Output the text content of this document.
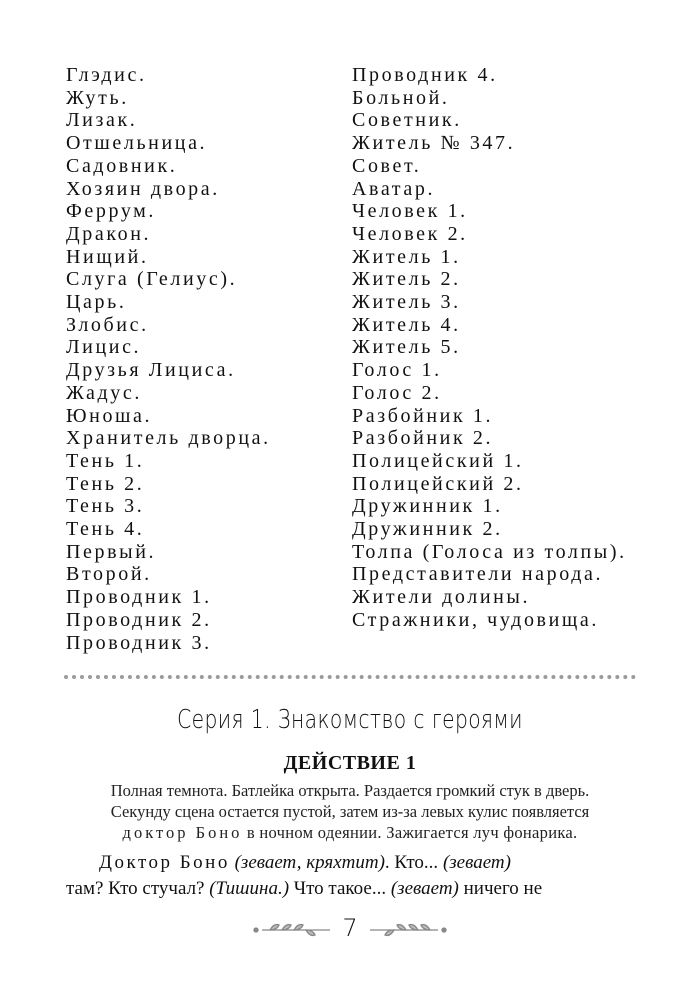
Глэдис.
Жуть.
Лизак.
Отшельница.
Садовник.
Хозяин двора.
Феррум.
Дракон.
Нищий.
Слуга (Гелиус).
Царь.
Злобис.
Лицис.
Друзья Лициса.
Жадус.
Юноша.
Хранитель дворца.
Тень 1.
Тень 2.
Тень 3.
Тень 4.
Первый.
Второй.
Проводник 1.
Проводник 2.
Проводник 3.
Проводник 4.
Больной.
Советник.
Житель № 347.
Совет.
Аватар.
Человек 1.
Человек 2.
Житель 1.
Житель 2.
Житель 3.
Житель 4.
Житель 5.
Голос 1.
Голос 2.
Разбойник 1.
Разбойник 2.
Полицейский 1.
Полицейский 2.
Дружинник 1.
Дружинник 2.
Толпа (Голоса из толпы).
Представители народа.
Жители долины.
Стражники, чудовища.
Серия 1. Знакомство с героями
ДЕЙСТВИЕ 1
Полная темнота. Батлейка открыта. Раздается громкий стук в дверь.
Секунду сцена остается пустой, затем из-за левых кулис появляется
доктор Боно в ночном одеянии. Зажигается луч фонарика.
Доктор Боно (зевает, кряхтит). Кто... (зевает)
там? Кто стучал? (Тишина.) Что такое... (зевает) ничего не
7
